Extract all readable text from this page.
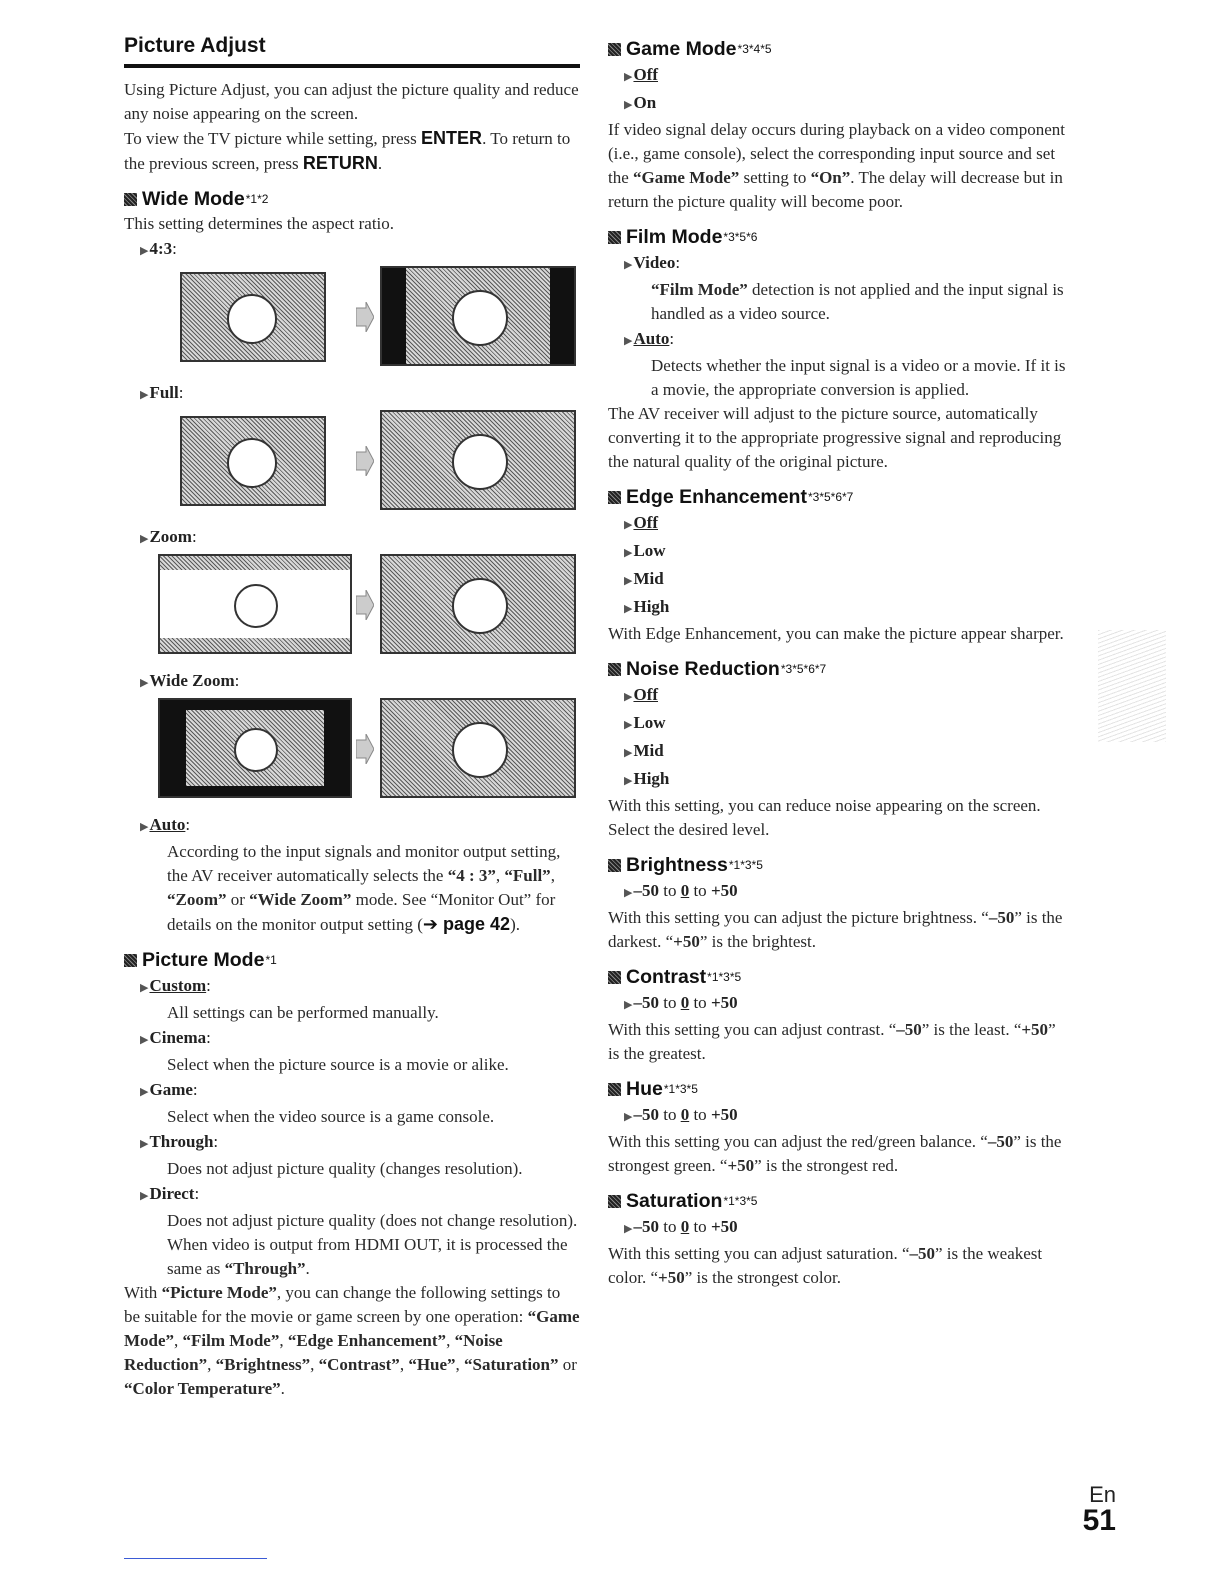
Picture Adjust

Using Picture Adjust, you can adjust the picture quality and reduce any noise appearing on the screen.

To view the TV picture while setting, press ENTER. To return to the previous screen, press RETURN.

Wide Mode *1*2

This setting determines the aspect ratio.

▶4:3:
▶Full:
▶Zoom:
▶Wide Zoom:
▶Auto:

According to the input signals and monitor output setting, the AV receiver automatically selects the “4 : 3”, “Full”, “Zoom” or “Wide Zoom” mode. See “Monitor Out” for details on the monitor output setting (➔ page 42).

Picture Mode *1
▶Custom:

All settings can be performed manually.

▶Cinema:

Select when the picture source is a movie or alike.

▶Game:

Select when the video source is a game console.

▶Through:

Does not adjust picture quality (changes resolution).

▶Direct:

Does not adjust picture quality (does not change resolution).

When video is output from HDMI OUT, it is processed the same as “Through”.

With “Picture Mode”, you can change the following settings to be suitable for the movie or game screen by one operation: “Game Mode”, “Film Mode”, “Edge Enhancement”, “Noise Reduction”, “Brightness”, “Contrast”, “Hue”, “Saturation” or “Color Temperature”.

Game Mode *3*4*5
▶Off
▶On

If video signal delay occurs during playback on a video component (i.e., game console), select the corresponding input source and set the “Game Mode” setting to “On”. The delay will decrease but in return the picture quality will become poor.

Film Mode *3*5*6
▶Video:

“Film Mode” detection is not applied and the input signal is handled as a video source.

▶Auto:

Detects whether the input signal is a video or a movie. If it is a movie, the appropriate conversion is applied.

The AV receiver will adjust to the picture source, automatically converting it to the appropriate progressive signal and reproducing the natural quality of the original picture.

Edge Enhancement *3*5*6*7
▶Off
▶Low
▶Mid
▶High

With Edge Enhancement, you can make the picture appear sharper.

Noise Reduction *3*5*6*7
▶Off
▶Low
▶Mid
▶High

With this setting, you can reduce noise appearing on the screen. Select the desired level.

Brightness *1*3*5
▶–50 to 0 to +50

With this setting you can adjust the picture brightness. “–50” is the darkest. “+50” is the brightest.

Contrast *1*3*5
▶–50 to 0 to +50

With this setting you can adjust contrast. “–50” is the least. “+50” is the greatest.

Hue *1*3*5
▶–50 to 0 to +50

With this setting you can adjust the red/green balance. “–50” is the strongest green. “+50” is the strongest red.

Saturation *1*3*5
▶–50 to 0 to +50

With this setting you can adjust saturation. “–50” is the weakest color. “+50” is the strongest color.

En
51
